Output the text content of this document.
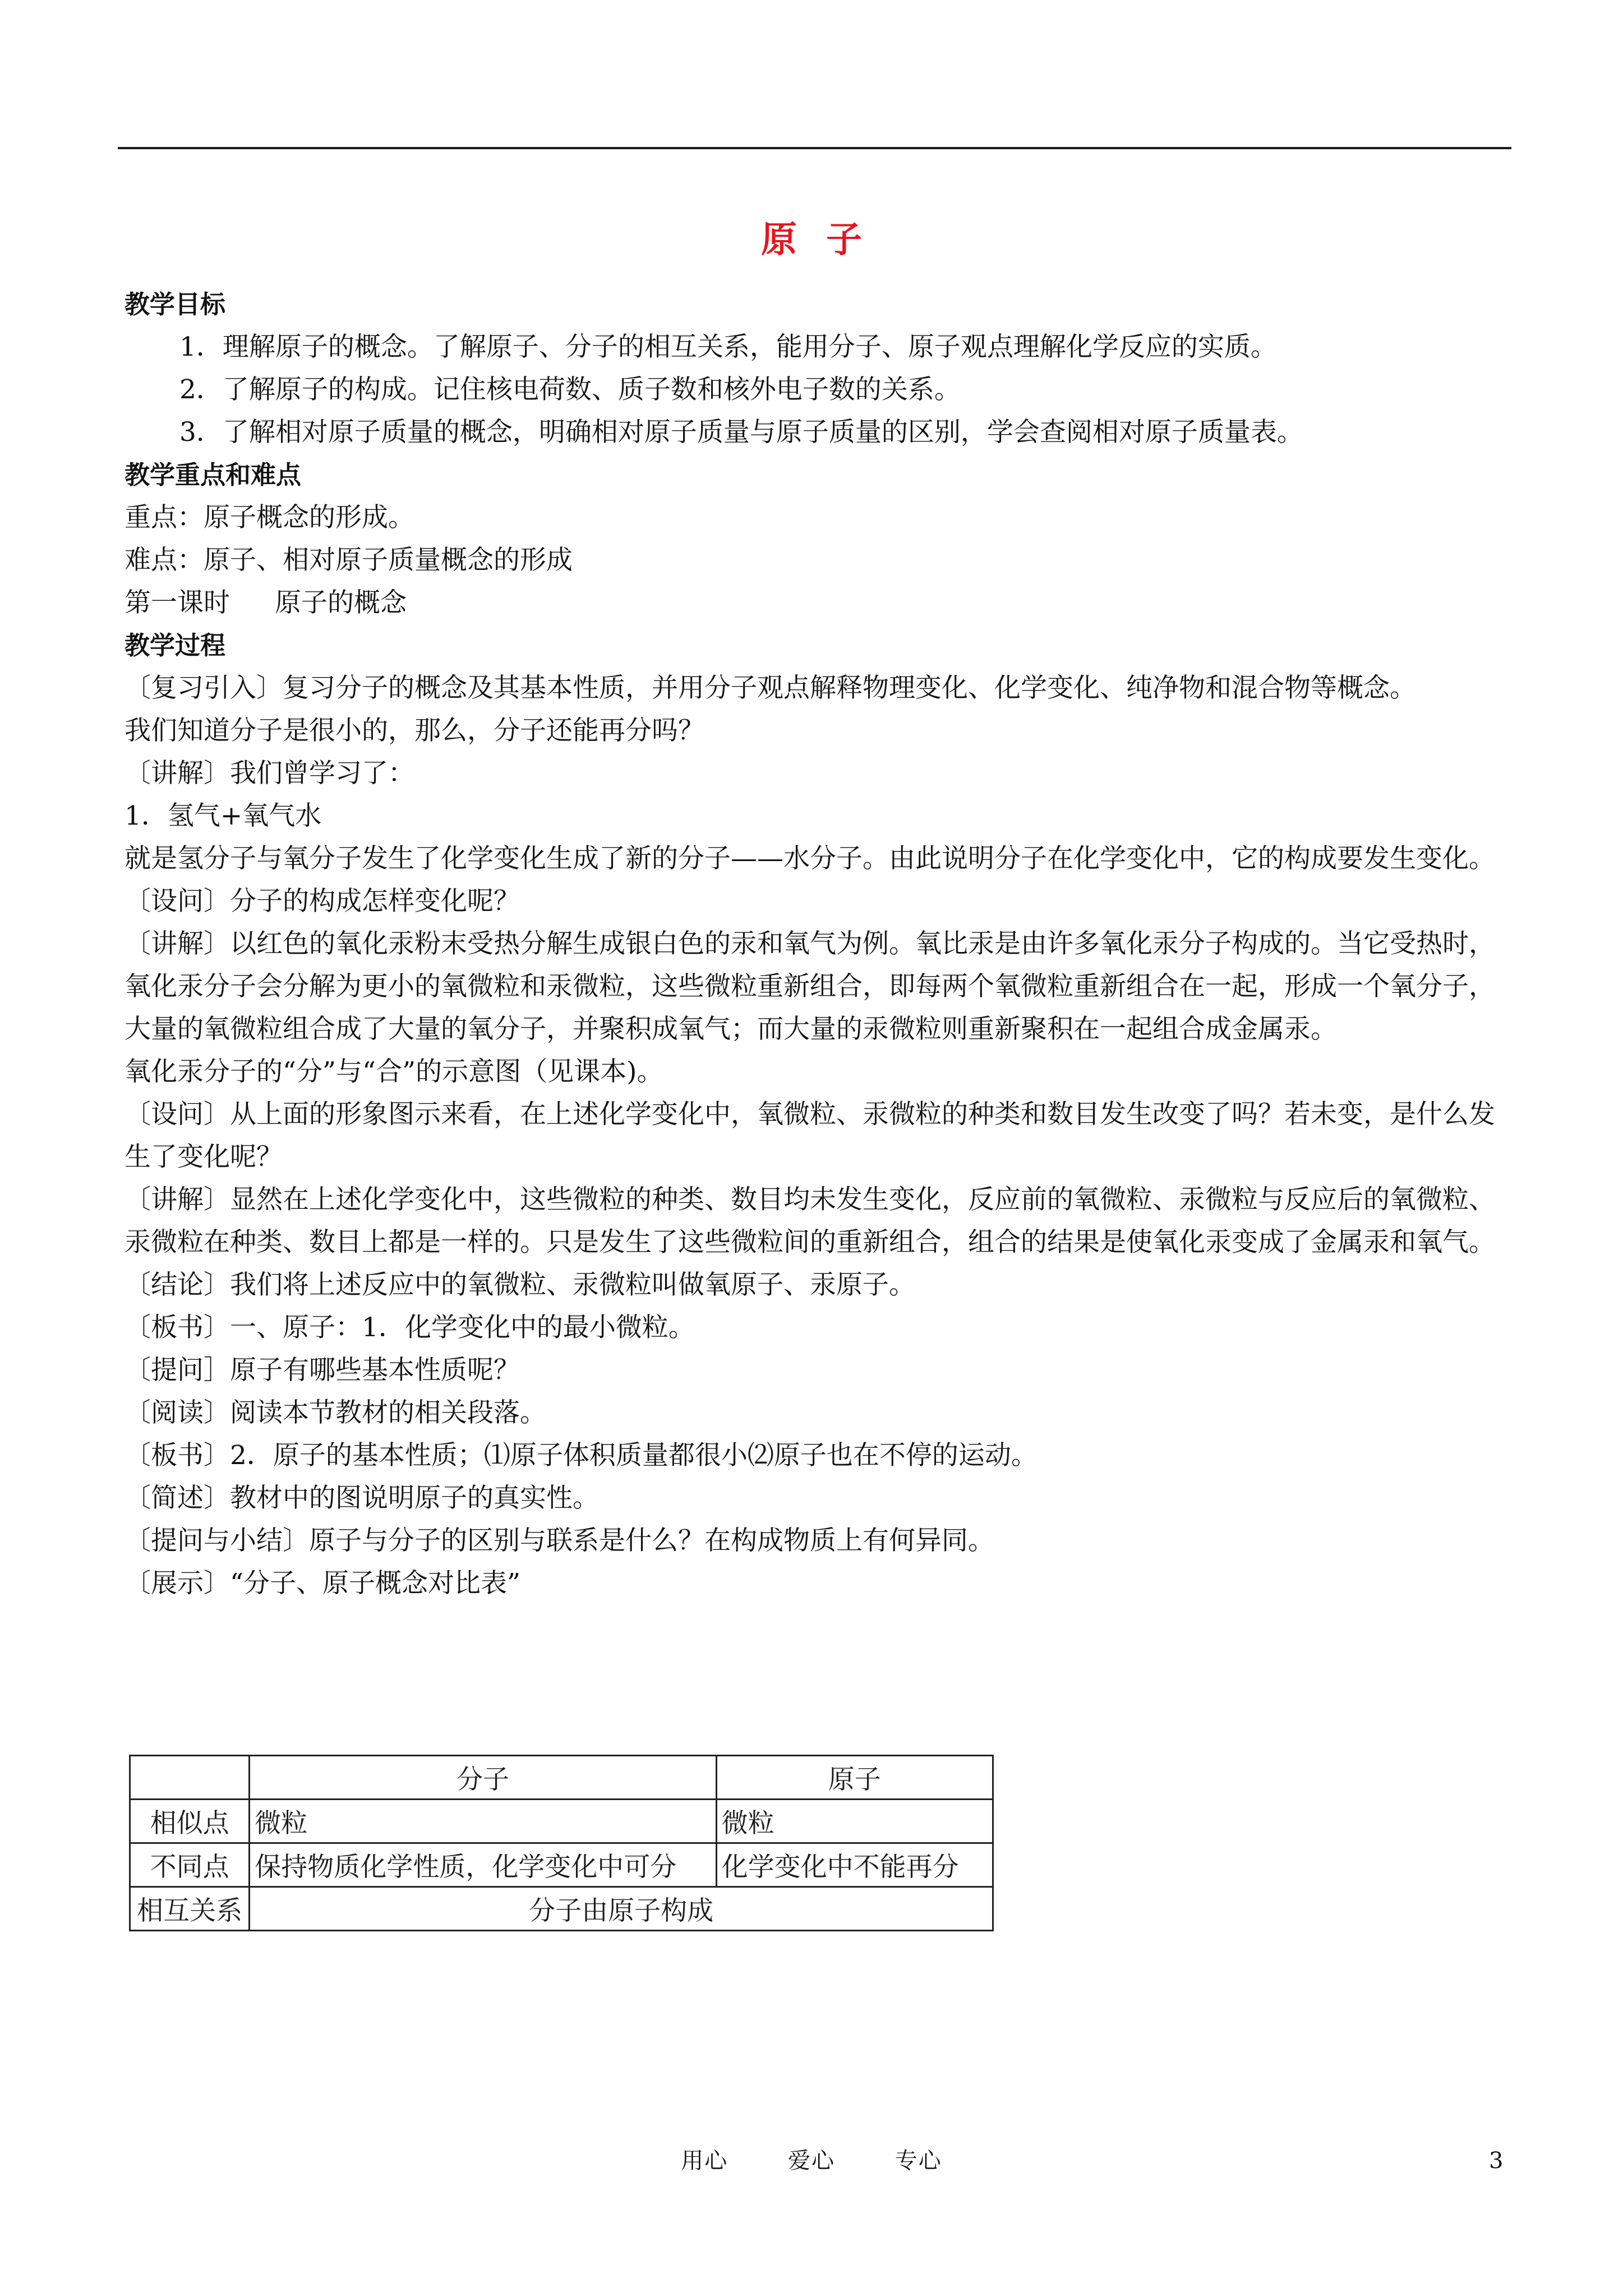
原子

教学目标

1．理解原子的概念。了解原子、分子的相互关系，能用分子、原子观点理解化学反应的实质。

2．了解原子的构成。记住核电荷数、质子数和核外电子数的关系。

3．了解相对原子质量的概念，明确相对原子质量与原子质量的区别，学会查阅相对原子质量表。

教学重点和难点

重点：原子概念的形成。

难点：原子、相对原子质量概念的形成

第一课时 原子的概念

教学过程

〔复习引入〕复习分子的概念及其基本性质，并用分子观点解释物理变化、化学变化、纯净物和混合物等概念。

我们知道分子是很小的，那么，分子还能再分吗？

〔讲解〕我们曾学习了：

1．氢气+氧气水

就是氢分子与氧分子发生了化学变化生成了新的分子——水分子。由此说明分子在化学变化中，它的构成要发生变化。

〔设问〕分子的构成怎样变化呢？

〔讲解〕以红色的氧化汞粉末受热分解生成银白色的汞和氧气为例。氧比汞是由许多氧化汞分子构成的。当它受热时，氧化汞分子会分解为更小的氧微粒和汞微粒，这些微粒重新组合，即每两个氧微粒重新组合在一起，形成一个氧分子，大量的氧微粒组合成了大量的氧分子，并聚积成氧气；而大量的汞微粒则重新聚积在一起组合成金属汞。

氧化汞分子的“分”与“合”的示意图（见课本)。

〔设问〕从上面的形象图示来看，在上述化学变化中，氧微粒、汞微粒的种类和数目发生改变了吗？若未变，是什么发生了变化呢？

〔讲解〕显然在上述化学变化中，这些微粒的种类、数目均未发生变化，反应前的氧微粒、汞微粒与反应后的氧微粒、汞微粒在种类、数目上都是一样的。只是发生了这些微粒间的重新组合，组合的结果是使氧化汞变成了金属汞和氧气。

〔结论〕我们将上述反应中的氧微粒、汞微粒叫做氧原子、汞原子。

〔板书〕一、原子：1．化学变化中的最小微粒。

〔提问］原子有哪些基本性质呢？

〔阅读〕阅读本节教材的相关段落。

〔板书〕2．原子的基本性质；⑴原子体积质量都很小⑵原子也在不停的运动。

〔简述〕教材中的图说明原子的真实性。

〔提问与小结〕原子与分子的区别与联系是什么？在构成物质上有何异同。

〔展示〕“分子、原子概念对比表”

	分子	原子
相似点	微粒	微粒
不同点	保持物质化学性质，化学变化中可分	化学变化中不能再分
相互关系	分子由原子构成	
用心	爱心	专心	3
